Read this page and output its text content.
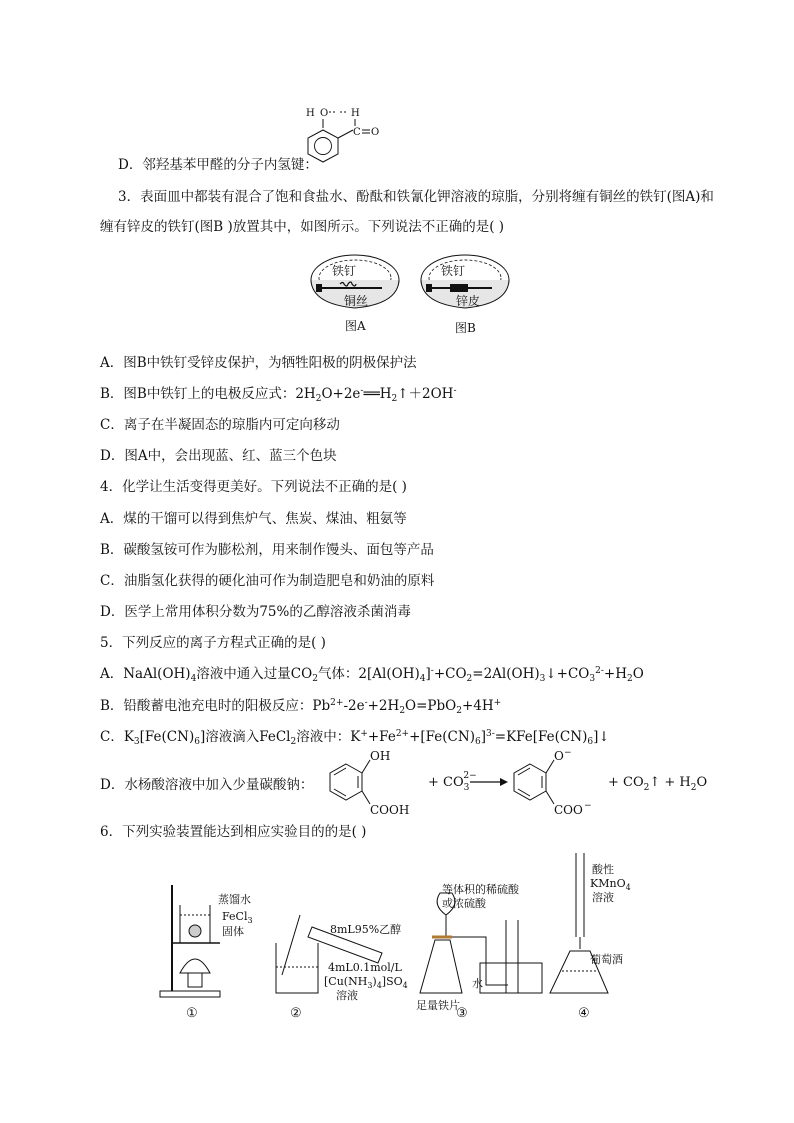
H O H
C O
D．邻羟基苯甲醛的分子内氢键：
3．表面皿中都装有混合了饱和食盐水、酚酞和铁氰化钾溶液的琼脂，分别将缠有铜丝的铁钉(图A)和
缠有锌皮的铁钉(图B )放置其中，如图所示。下列说法不正确的是( )
铁钉
铜丝
图A
铁钉
锌皮
图B
A．图B中铁钉受锌皮保护，为牺牲阳极的阴极保护法
B．图B中铁钉上的电极反应式：$2H_2O+2e^-══H_2↑+2OH^-$
C．离子在半凝固态的琼脂内可定向移动
D．图A中，会出现蓝、红、蓝三个色块
4．化学让生活变得更美好。下列说法不正确的是( )
A．煤的干馏可以得到焦炉气、焦炭、煤油、粗氨等
B．碳酸氢铵可作为膨松剂，用来制作馒头、面包等产品
C．油脂氢化获得的硬化油可作为制造肥皂和奶油的原料
D．医学上常用体积分数为75%的乙醇溶液杀菌消毒
5．下列反应的离子方程式正确的是( )
A．$NaAl(OH)_4$溶液中通入过量$CO_2$气体：$2[Al(OH)_4]^-+CO_2=2Al(OH)_3↓+CO_3^{2-}+H_2O$
B．铅酸蓄电池充电时的阳极反应：$Pb^{2+}-2e^-+2H_2O=PbO_2+4H^+$
C．$K_3[Fe(CN)_6]$溶液滴入FeCl$_2$溶液中：$K^++Fe^{2+}+[Fe(CN)_6]^{3-}=KFe[Fe(CN)_6]↓$
D．水杨酸溶液中加入少量碳酸钠：
OH
COOH
+ $CO_32-$
O −
COO −
+ $CO_2↑ + H_2O$
6．下列实验装置能达到相应实验目的的是( )
蒸馏水
FeCl$_3$
固体
①
8mL95%乙醇
4mL0.1mol/L
$[Cu(NH_3)_4]SO_4$
溶液
②
等体积的稀硫酸
或浓硫酸
水
足量铁片
③
酸性
KMnO$_4$
溶液
葡萄酒
④
